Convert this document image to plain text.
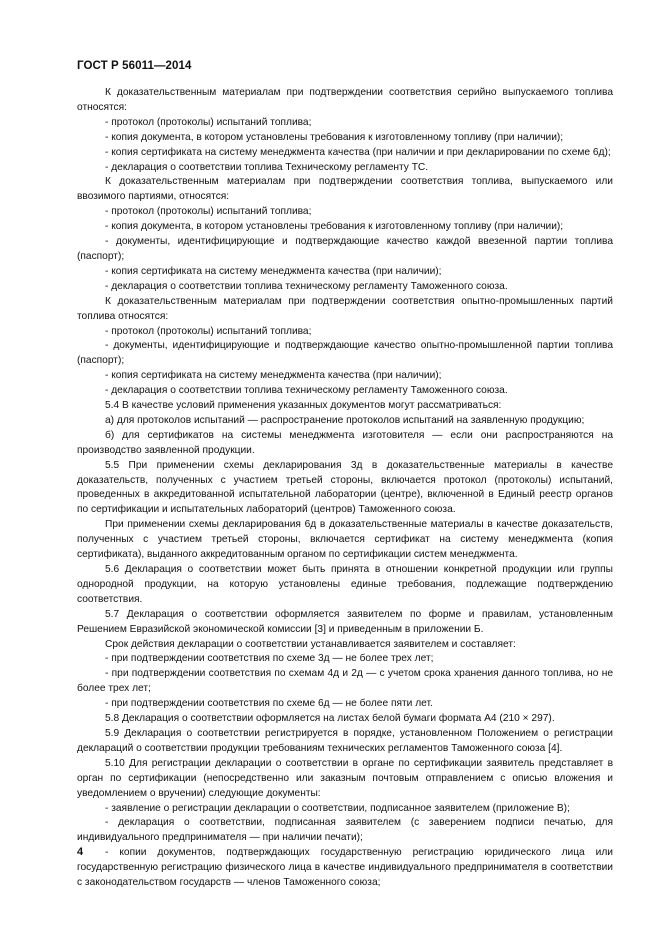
ГОСТ Р 56011—2014

К доказательственным материалам при подтверждении соответствия серийно выпускаемого топлива относятся:

- протокол (протоколы) испытаний топлива;

- копия документа, в котором установлены требования к изготовленному топливу (при наличии);

- копия сертификата на систему менеджмента качества (при наличии и при декларировании по схеме 6д);

- декларация о соответствии топлива Техническому регламенту ТС.

К доказательственным материалам при подтверждении соответствия топлива, выпускаемого или ввозимого партиями, относятся:

- протокол (протоколы) испытаний топлива;

- копия документа, в котором установлены требования к изготовленному топливу (при наличии);

- документы, идентифицирующие и подтверждающие качество каждой ввезенной партии топлива (паспорт);

- копия сертификата на систему менеджмента качества (при наличии);

- декларация о соответствии топлива техническому регламенту Таможенного союза.

К доказательственным материалам при подтверждении соответствия опытно-промышленных партий топлива относятся:

- протокол (протоколы) испытаний топлива;

- документы, идентифицирующие и подтверждающие качество опытно-промышленной партии топлива (паспорт);

- копия сертификата на систему менеджмента качества (при наличии);

- декларация о соответствии топлива техническому регламенту Таможенного союза.

5.4 В качестве условий применения указанных документов могут рассматриваться:

а) для протоколов испытаний — распространение протоколов испытаний на заявленную продукцию;

б) для сертификатов на системы менеджмента изготовителя — если они распространяются на производство заявленной продукции.

5.5 При применении схемы декларирования 3д в доказательственные материалы в качестве доказательств, полученных с участием третьей стороны, включается протокол (протоколы) испытаний, проведенных в аккредитованной испытательной лаборатории (центре), включенной в Единый реестр органов по сертификации и испытательных лабораторий (центров) Таможенного союза.

При применении схемы декларирования 6д в доказательственные материалы в качестве доказательств, полученных с участием третьей стороны, включается сертификат на систему менеджмента (копия сертификата), выданного аккредитованным органом по сертификации систем менеджмента.

5.6 Декларация о соответствии может быть принята в отношении конкретной продукции или группы однородной продукции, на которую установлены единые требования, подлежащие подтверждению соответствия.

5.7 Декларация о соответствии оформляется заявителем по форме и правилам, установленным Решением Евразийской экономической комиссии [3] и приведенным в приложении Б.

Срок действия декларации о соответствии устанавливается заявителем и составляет:

- при подтверждении соответствия по схеме 3д — не более трех лет;

- при подтверждении соответствия по схемам 4д и 2д — с учетом срока хранения данного топлива, но не более трех лет;

- при подтверждении соответствия по схеме 6д — не более пяти лет.

5.8 Декларация о соответствии оформляется на листах белой бумаги формата А4 (210 × 297).

5.9 Декларация о соответствии регистрируется в порядке, установленном Положением о регистрации деклараций о соответствии продукции требованиям технических регламентов Таможенного союза [4].

5.10 Для регистрации декларации о соответствии в органе по сертификации заявитель представляет в орган по сертификации (непосредственно или заказным почтовым отправлением с описью вложения и уведомлением о вручении) следующие документы:

- заявление о регистрации декларации о соответствии, подписанное заявителем (приложение В);

- декларация о соответствии, подписанная заявителем (с заверением подписи печатью, для индивидуального предпринимателя — при наличии печати);

- копии документов, подтверждающих государственную регистрацию юридического лица или государственную регистрацию физического лица в качестве индивидуального предпринимателя в соответствии с законодательством государств — членов Таможенного союза;

4
